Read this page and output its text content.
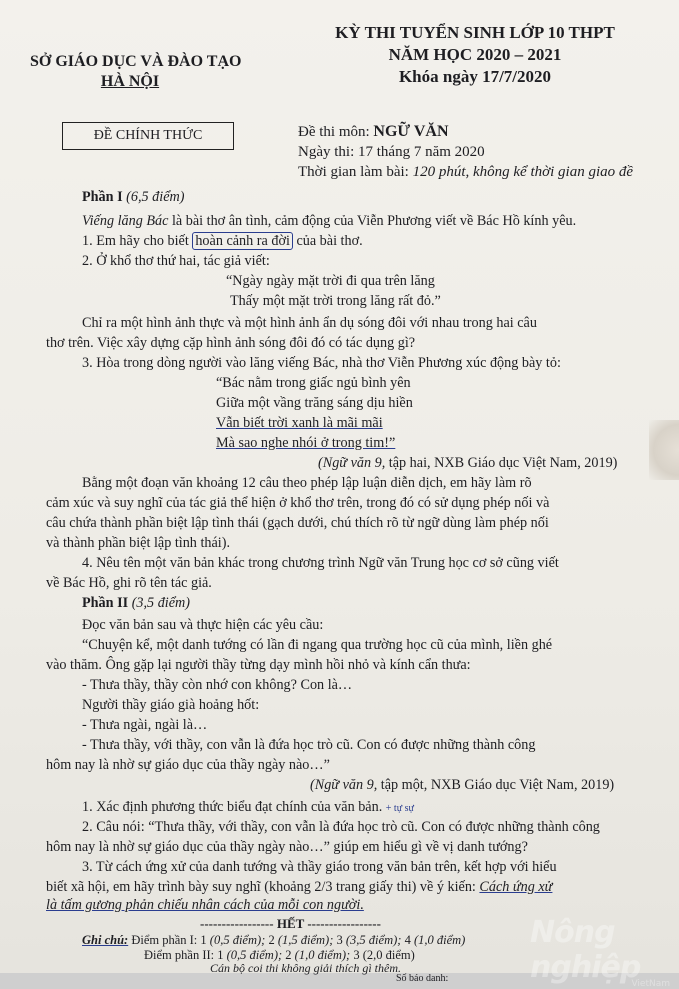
SỞ GIÁO DỤC VÀ ĐÀO TẠO
HÀ NỘI
KỲ THI TUYỂN SINH LỚP 10 THPT
NĂM HỌC 2020 – 2021
Khóa ngày 17/7/2020
ĐỀ CHÍNH THỨC	Đề thi môn: NGỮ VĂN
Ngày thi: 17 tháng 7 năm 2020
Thời gian làm bài: 120 phút, không kể thời gian giao đề
Phần I (6,5 điểm)
Viếng lăng Bác là bài thơ ân tình, cảm động của Viễn Phương viết về Bác Hồ kính yêu.
1. Em hãy cho biết hoàn cảnh ra đời của bài thơ.
2. Ở khổ thơ thứ hai, tác giả viết:
“Ngày ngày mặt trời đi qua trên lăng
Thấy một mặt trời trong lăng rất đỏ.”
Chỉ ra một hình ảnh thực và một hình ảnh ẩn dụ sóng đôi với nhau trong hai câu
thơ trên. Việc xây dựng cặp hình ảnh sóng đôi đó có tác dụng gì?
3. Hòa trong dòng người vào lăng viếng Bác, nhà thơ Viễn Phương xúc động bày tỏ:
“Bác nằm trong giấc ngủ bình yên
Giữa một vầng trăng sáng dịu hiền
Vẫn biết trời xanh là mãi mãi
Mà sao nghe nhói ở trong tim!”
(Ngữ văn 9, tập hai, NXB Giáo dục Việt Nam, 2019)
Bằng một đoạn văn khoảng 12 câu theo phép lập luận diễn dịch, em hãy làm rõ
cảm xúc và suy nghĩ của tác giả thể hiện ở khổ thơ trên, trong đó có sử dụng phép nối và
câu chứa thành phần biệt lập tình thái (gạch dưới, chú thích rõ từ ngữ dùng làm phép nối
và thành phần biệt lập tình thái).
4. Nêu tên một văn bản khác trong chương trình Ngữ văn Trung học cơ sở cũng viết
về Bác Hồ, ghi rõ tên tác giả.
Phần II (3,5 điểm)
Đọc văn bản sau và thực hiện các yêu cầu:
“Chuyện kể, một danh tướng có lần đi ngang qua trường học cũ của mình, liền ghé
vào thăm. Ông gặp lại người thầy từng dạy mình hồi nhỏ và kính cẩn thưa:
- Thưa thầy, thầy còn nhớ con không? Con là…
Người thầy giáo già hoảng hốt:
- Thưa ngài, ngài là…
- Thưa thầy, với thầy, con vẫn là đứa học trò cũ. Con có được những thành công
hôm nay là nhờ sự giáo dục của thầy ngày nào…”
(Ngữ văn 9, tập một, NXB Giáo dục Việt Nam, 2019)
1. Xác định phương thức biểu đạt chính của văn bản. + tự sự
2. Câu nói: “Thưa thầy, với thầy, con vẫn là đứa học trò cũ. Con có được những thành công
hôm nay là nhờ sự giáo dục của thầy ngày nào…” giúp em hiểu gì về vị danh tướng?
3. Từ cách ứng xử của danh tướng và thầy giáo trong văn bản trên, kết hợp với hiểu
biết xã hội, em hãy trình bày suy nghĩ (khoảng 2/3 trang giấy thi) về ý kiến: Cách ứng xử
là tấm gương phản chiếu nhân cách của mỗi con người.
----------------- HẾT -----------------
Ghi chú: Điểm phần I: 1 (0,5 điểm); 2 (1,5 điểm); 3 (3,5 điểm); 4 (1,0 điểm)
Điểm phần II: 1 (0,5 điểm); 2 (1,0 điểm); 3 (2,0 điểm)
Cán bộ coi thi không giải thích gì thêm.
Số báo danh:
Nông nghiệp
VietNam
